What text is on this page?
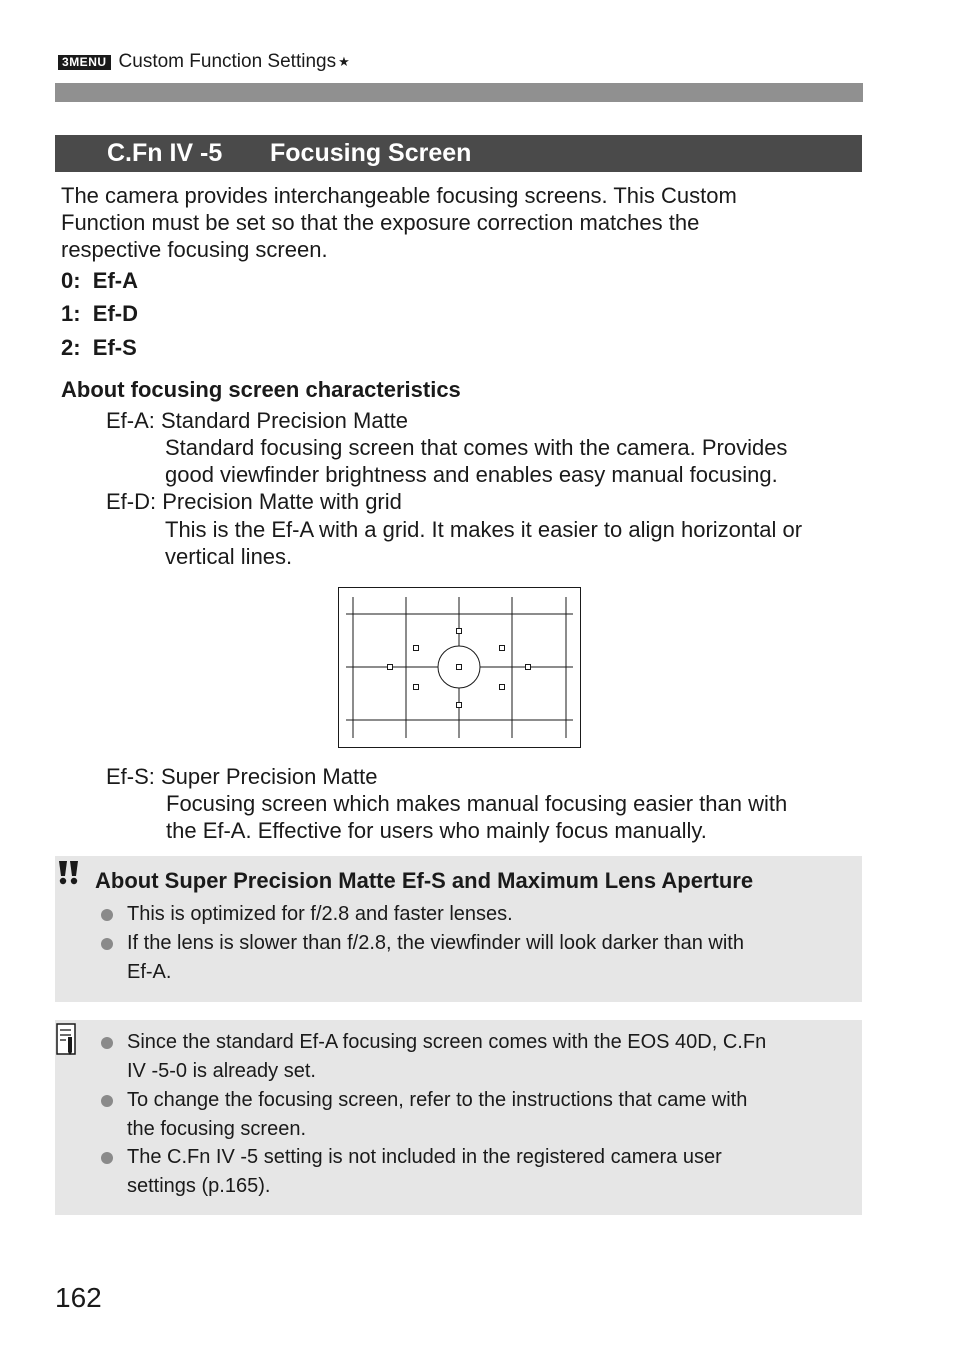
3MENU Custom Function Settings ★
C.Fn IV -5 Focusing Screen
The camera provides interchangeable focusing screens. This Custom
Function must be set so that the exposure correction matches the
respective focusing screen.
0:  Ef-A
1:  Ef-D
2:  Ef-S
About focusing screen characteristics
Ef-A: Standard Precision Matte
Standard focusing screen that comes with the camera. Provides
good viewfinder brightness and enables easy manual focusing.
Ef-D: Precision Matte with grid
This is the Ef-A with a grid. It makes it easier to align horizontal or
vertical lines.
Ef-S: Super Precision Matte
Focusing screen which makes manual focusing easier than with
the Ef-A. Effective for users who mainly focus manually.
About Super Precision Matte Ef-S and Maximum Lens Aperture
This is optimized for f/2.8 and faster lenses.
If the lens is slower than f/2.8, the viewfinder will look darker than with
Ef-A.
Since the standard Ef-A focusing screen comes with the EOS 40D, C.Fn
IV -5-0 is already set.
To change the focusing screen, refer to the instructions that came with
the focusing screen.
The C.Fn IV -5 setting is not included in the registered camera user
settings (p.165).
162
